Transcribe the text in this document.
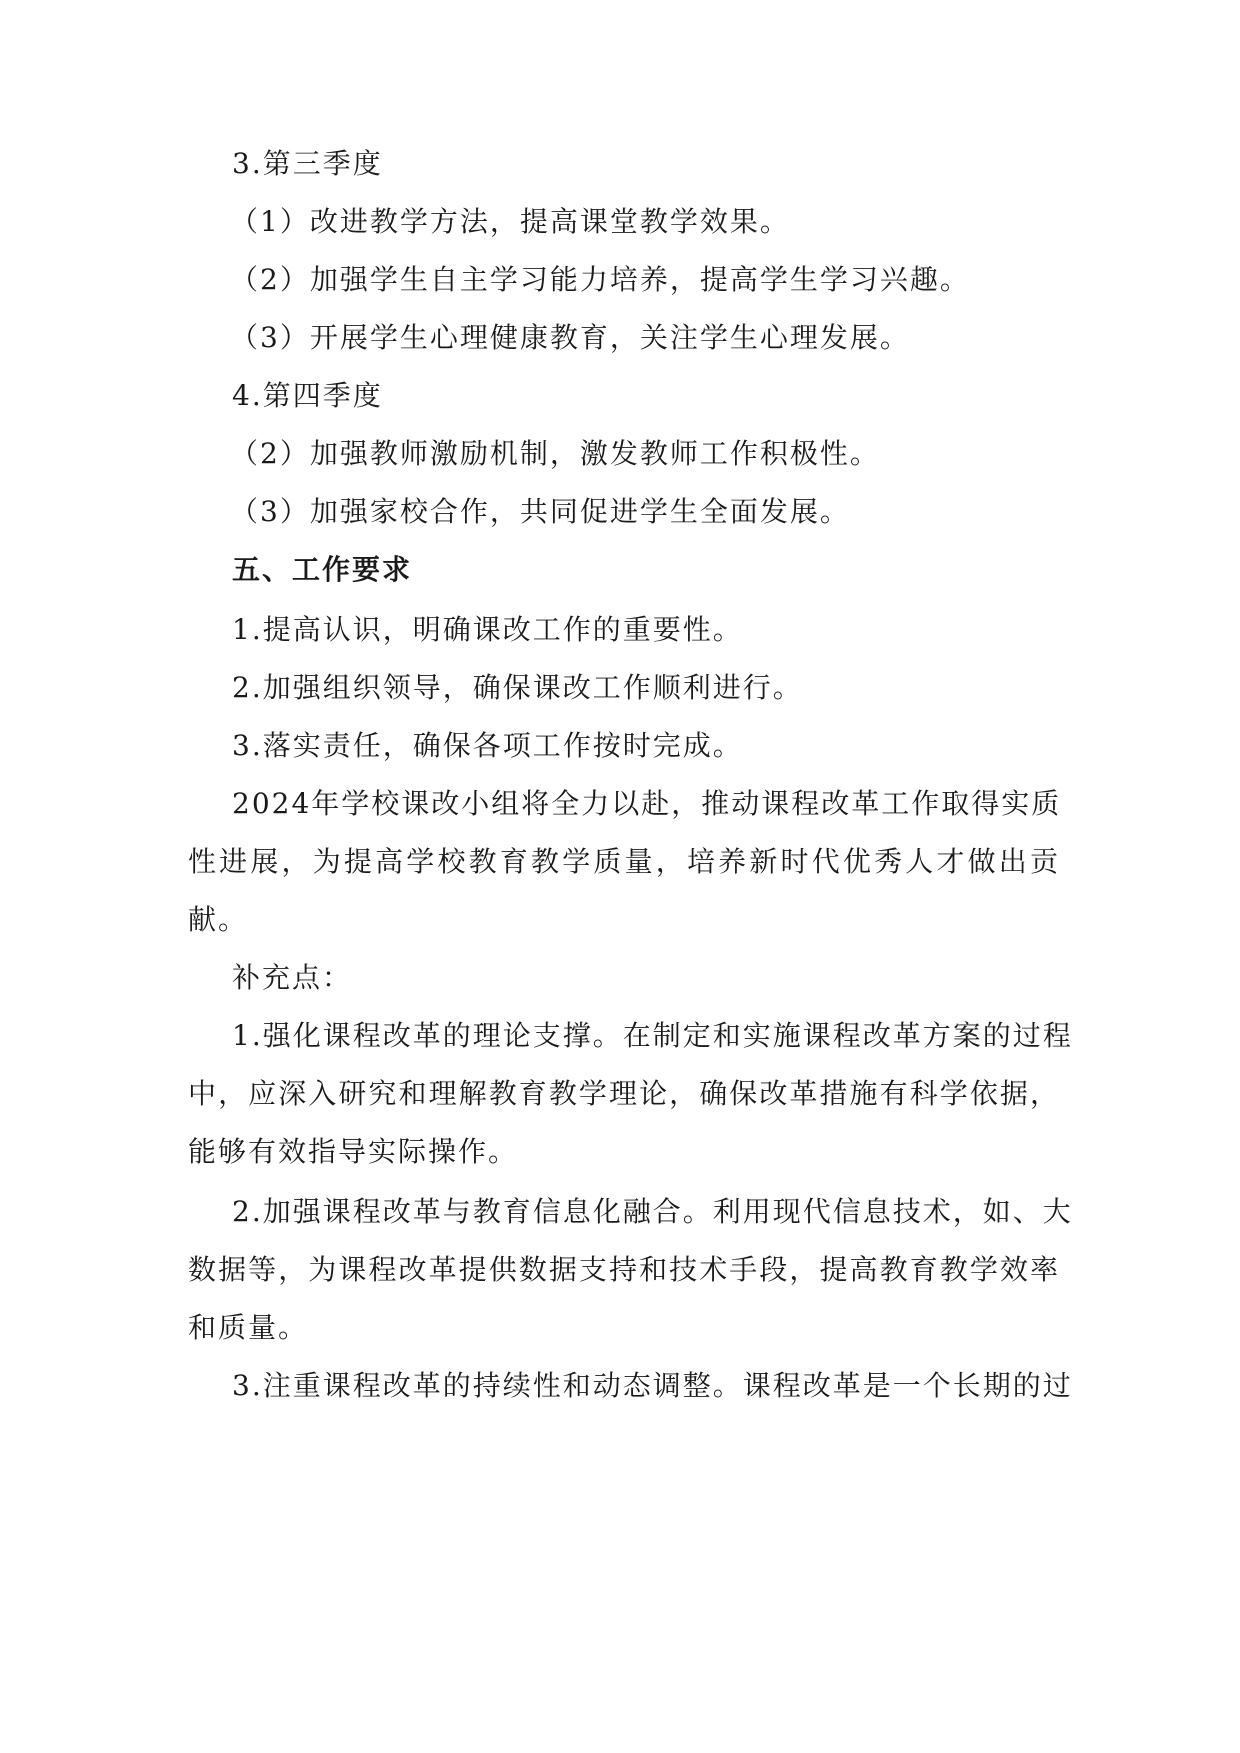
3.第三季度
（1）改进教学方法，提高课堂教学效果。
（2）加强学生自主学习能力培养，提高学生学习兴趣。
（3）开展学生心理健康教育，关注学生心理发展。
4.第四季度
（2）加强教师激励机制，激发教师工作积极性。
（3）加强家校合作，共同促进学生全面发展。
五、工作要求
1.提高认识，明确课改工作的重要性。
2.加强组织领导，确保课改工作顺利进行。
3.落实责任，确保各项工作按时完成。
2024年学校课改小组将全力以赴，推动课程改革工作取得实质
性进展，为提高学校教育教学质量，培养新时代优秀人才做出贡
献。
补充点：
1.强化课程改革的理论支撑。在制定和实施课程改革方案的过程
中，应深入研究和理解教育教学理论，确保改革措施有科学依据，
能够有效指导实际操作。
2.加强课程改革与教育信息化融合。利用现代信息技术，如、大
数据等，为课程改革提供数据支持和技术手段，提高教育教学效率
和质量。
3.注重课程改革的持续性和动态调整。课程改革是一个长期的过
